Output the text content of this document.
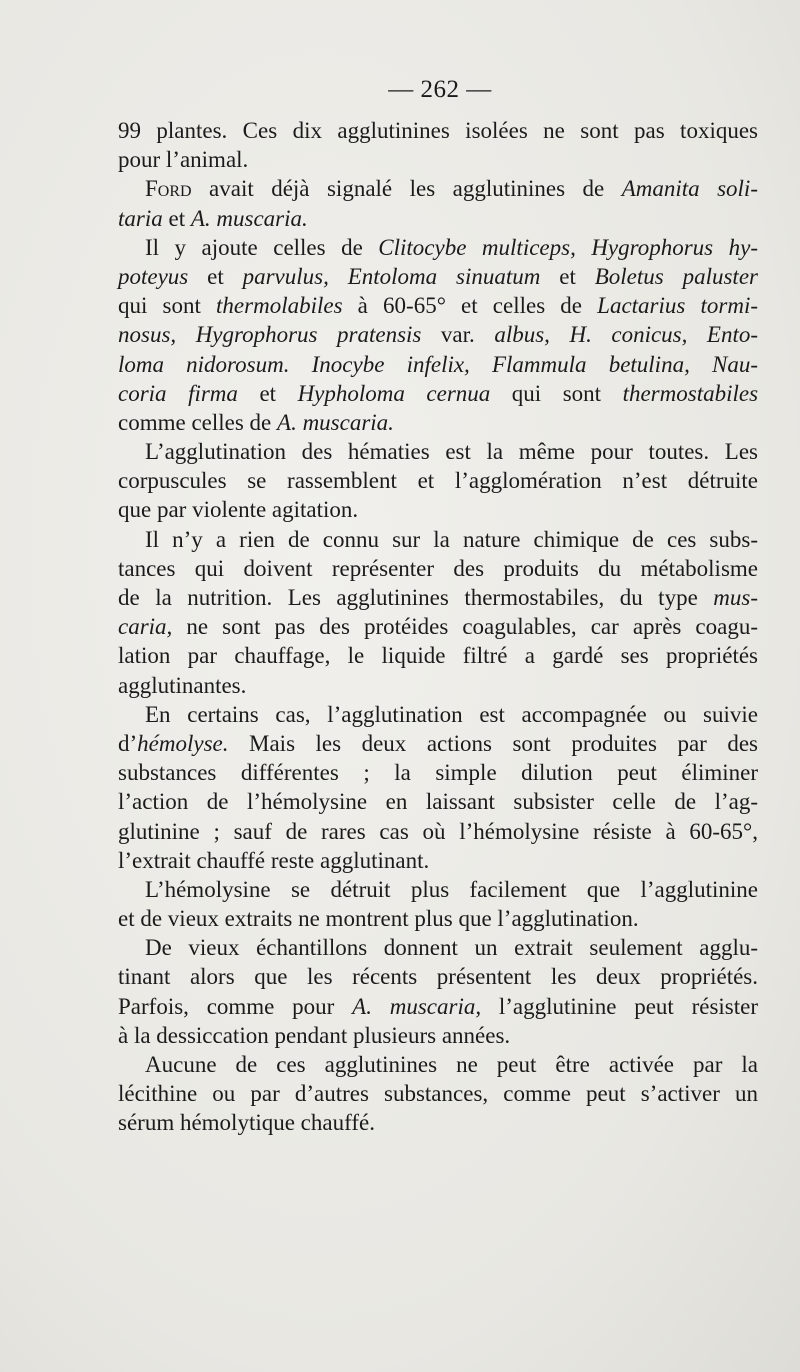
— 262 —
99 plantes. Ces dix agglutinines isolées ne sont pas toxiques
pour l’animal.
Ford avait déjà signalé les agglutinines de Amanita soli-
taria et A. muscaria.
Il y ajoute celles de Clitocybe multiceps, Hygrophorus hy-
poteyus et parvulus, Entoloma sinuatum et Boletus paluster
qui sont thermolabiles à 60-65° et celles de Lactarius tormi-
nosus, Hygrophorus pratensis var. albus, H. conicus, Ento-
loma nidorosum. Inocybe infelix, Flammula betulina, Nau-
coria firma et Hypholoma cernua qui sont thermostabiles
comme celles de A. muscaria.
L’agglutination des hématies est la même pour toutes. Les
corpuscules se rassemblent et l’agglomération n’est détruite
que par violente agitation.
Il n’y a rien de connu sur la nature chimique de ces subs-
tances qui doivent représenter des produits du métabolisme
de la nutrition. Les agglutinines thermostabiles, du type mus-
caria, ne sont pas des protéides coagulables, car après coagu-
lation par chauffage, le liquide filtré a gardé ses propriétés
agglutinantes.
En certains cas, l’agglutination est accompagnée ou suivie
d’hémolyse. Mais les deux actions sont produites par des
substances différentes ; la simple dilution peut éliminer
l’action de l’hémolysine en laissant subsister celle de l’ag-
glutinine ; sauf de rares cas où l’hémolysine résiste à 60-65°,
l’extrait chauffé reste agglutinant.
L’hémolysine se détruit plus facilement que l’agglutinine
et de vieux extraits ne montrent plus que l’agglutination.
De vieux échantillons donnent un extrait seulement agglu-
tinant alors que les récents présentent les deux propriétés.
Parfois, comme pour A. muscaria, l’agglutinine peut résister
à la dessiccation pendant plusieurs années.
Aucune de ces agglutinines ne peut être activée par la
lécithine ou par d’autres substances, comme peut s’activer un
sérum hémolytique chauffé.
